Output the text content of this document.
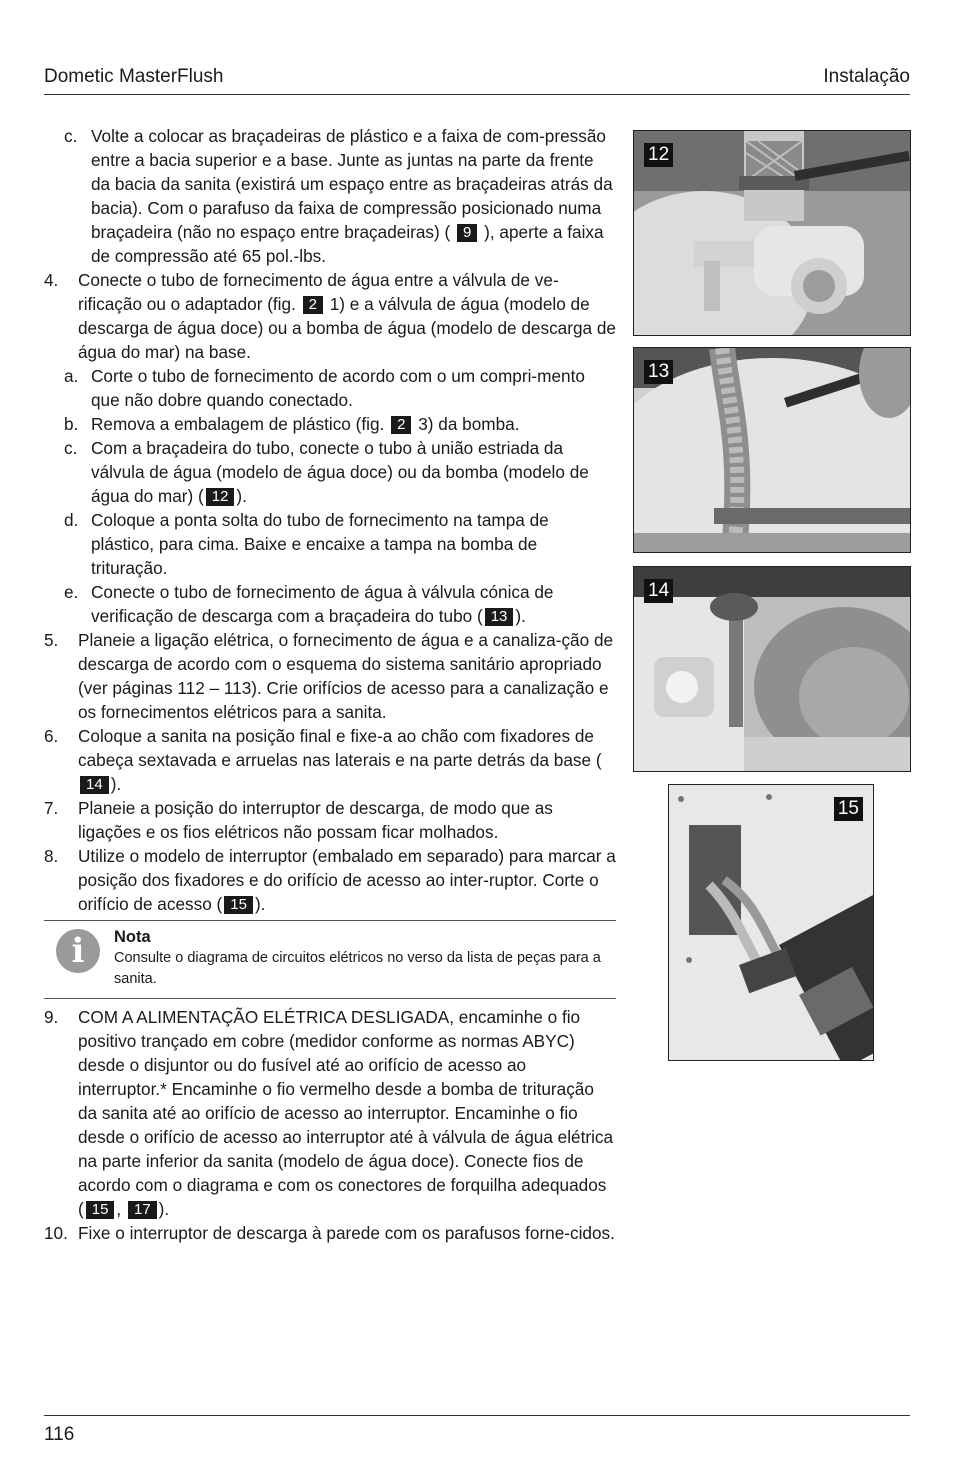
Dometic MasterFlush	Instalação
c. Volte a colocar as braçadeiras de plástico e a faixa de com-pressão entre a bacia superior e a base. Junte as juntas na parte da frente da bacia da sanita (existirá um espaço entre as braçadeiras atrás da bacia). Com o parafuso da faixa de compressão posicionado numa braçadeira (não no espaço entre braçadeiras) ( 9 ), aperte a faixa de compressão até 65 pol.-lbs.
4. Conecte o tubo de fornecimento de água entre a válvula de ve-rificação ou o adaptador (fig. 2 1) e a válvula de água (modelo de descarga de água doce) ou a bomba de água (modelo de descarga de água do mar) na base.
a. Corte o tubo de fornecimento de acordo com o um compri-mento que não dobre quando conectado.
b. Remova a embalagem de plástico (fig. 2 3) da bomba.
c. Com a braçadeira do tubo, conecte o tubo à união estriada da válvula de água (modelo de água doce) ou da bomba (modelo de água do mar) ( 12 ).
d. Coloque a ponta solta do tubo de fornecimento na tampa de plástico, para cima. Baixe e encaixe a tampa na bomba de trituração.
e. Conecte o tubo de fornecimento de água à válvula cónica de verificação de descarga com a braçadeira do tubo ( 13 ).
5. Planeie a ligação elétrica, o fornecimento de água e a canaliza-ção de descarga de acordo com o esquema do sistema sanitário apropriado (ver páginas 112 – 113). Crie orifícios de acesso para a canalização e os fornecimentos elétricos para a sanita.
6. Coloque a sanita na posição final e fixe-a ao chão com fixadores de cabeça sextavada e arruelas nas laterais e na parte detrás da base (14 ).
7. Planeie a posição do interruptor de descarga, de modo que as ligações e os fios elétricos não possam ficar molhados.
8. Utilize o modelo de interruptor (embalado em separado) para marcar a posição dos fixadores e do orifício de acesso ao inter-ruptor. Corte o orifício de acesso ( 15 ).
i	Nota
Consulte o diagrama de circuitos elétricos no verso da lista de peças para a sanita.
9. COM A ALIMENTAÇÃO ELÉTRICA DESLIGADA, encaminhe o fio positivo trançado em cobre (medidor conforme as normas ABYC) desde o disjuntor ou do fusível até ao orifício de acesso ao interruptor.* Encaminhe o fio vermelho desde a bomba de trituração da sanita até ao orifício de acesso ao interruptor. Encaminhe o fio desde o orifício de acesso ao interruptor até à válvula de água elétrica na parte inferior da sanita (modelo de água doce). Conecte fios de acordo com o diagrama e com os conectores de forquilha adequados ( 15 , 17 ).
10. Fixe o interruptor de descarga à parede com os parafusos forne-cidos.
12
13
14
15
116
